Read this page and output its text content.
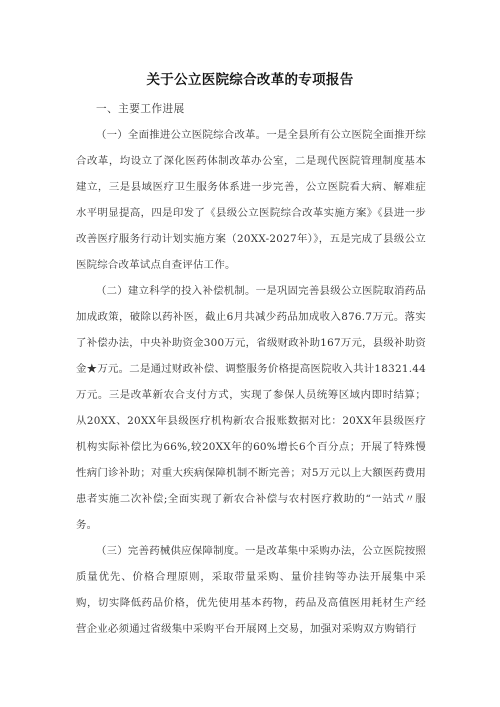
关于公立医院综合改革的专项报告

一、主要工作进展

（一）全面推进公立医院综合改革。一是全县所有公立医院全面推开综合改革，均设立了深化医药体制改革办公室，二是现代医院管理制度基本建立，三是县域医疗卫生服务体系进一步完善，公立医院看大病、解难症水平明显提高，四是印发了《县级公立医院综合改革实施方案》《县进一步改善医疗服务行动计划实施方案（20XX-2027年）》，五是完成了县级公立医院综合改革试点自查评估工作。

（二）建立科学的投入补偿机制。一是巩固完善县级公立医院取消药品加成政策，破除以药补医，截止6月共减少药品加成收入876.7万元。落实了补偿办法，中央补助资金300万元，省级财政补助167万元，县级补助资金★万元。二是通过财政补偿、调整服务价格提高医院收入共计18321.44万元。三是改革新农合支付方式，实现了参保人员统筹区域内即时结算；从20XX、20XX年县级医疗机构新农合报账数据对比：20XX年县级医疗机构实际补偿比为66%,较20XX年的60%增长6个百分点；开展了特殊慢性病门诊补助；对重大疾病保障机制不断完善；对5万元以上大额医药费用患者实施二次补偿;全面实现了新农合补偿与农村医疗救助的“一站式〃服务。

（三）完善药械供应保障制度。一是改革集中采购办法，公立医院按照质量优先、价格合理原则，采取带量采购、量价挂钩等办法开展集中采购，切实降低药品价格，优先使用基本药物，药品及高值医用耗材生产经营企业必须通过省级集中采购平台开展网上交易，加强对采购双方购销行
